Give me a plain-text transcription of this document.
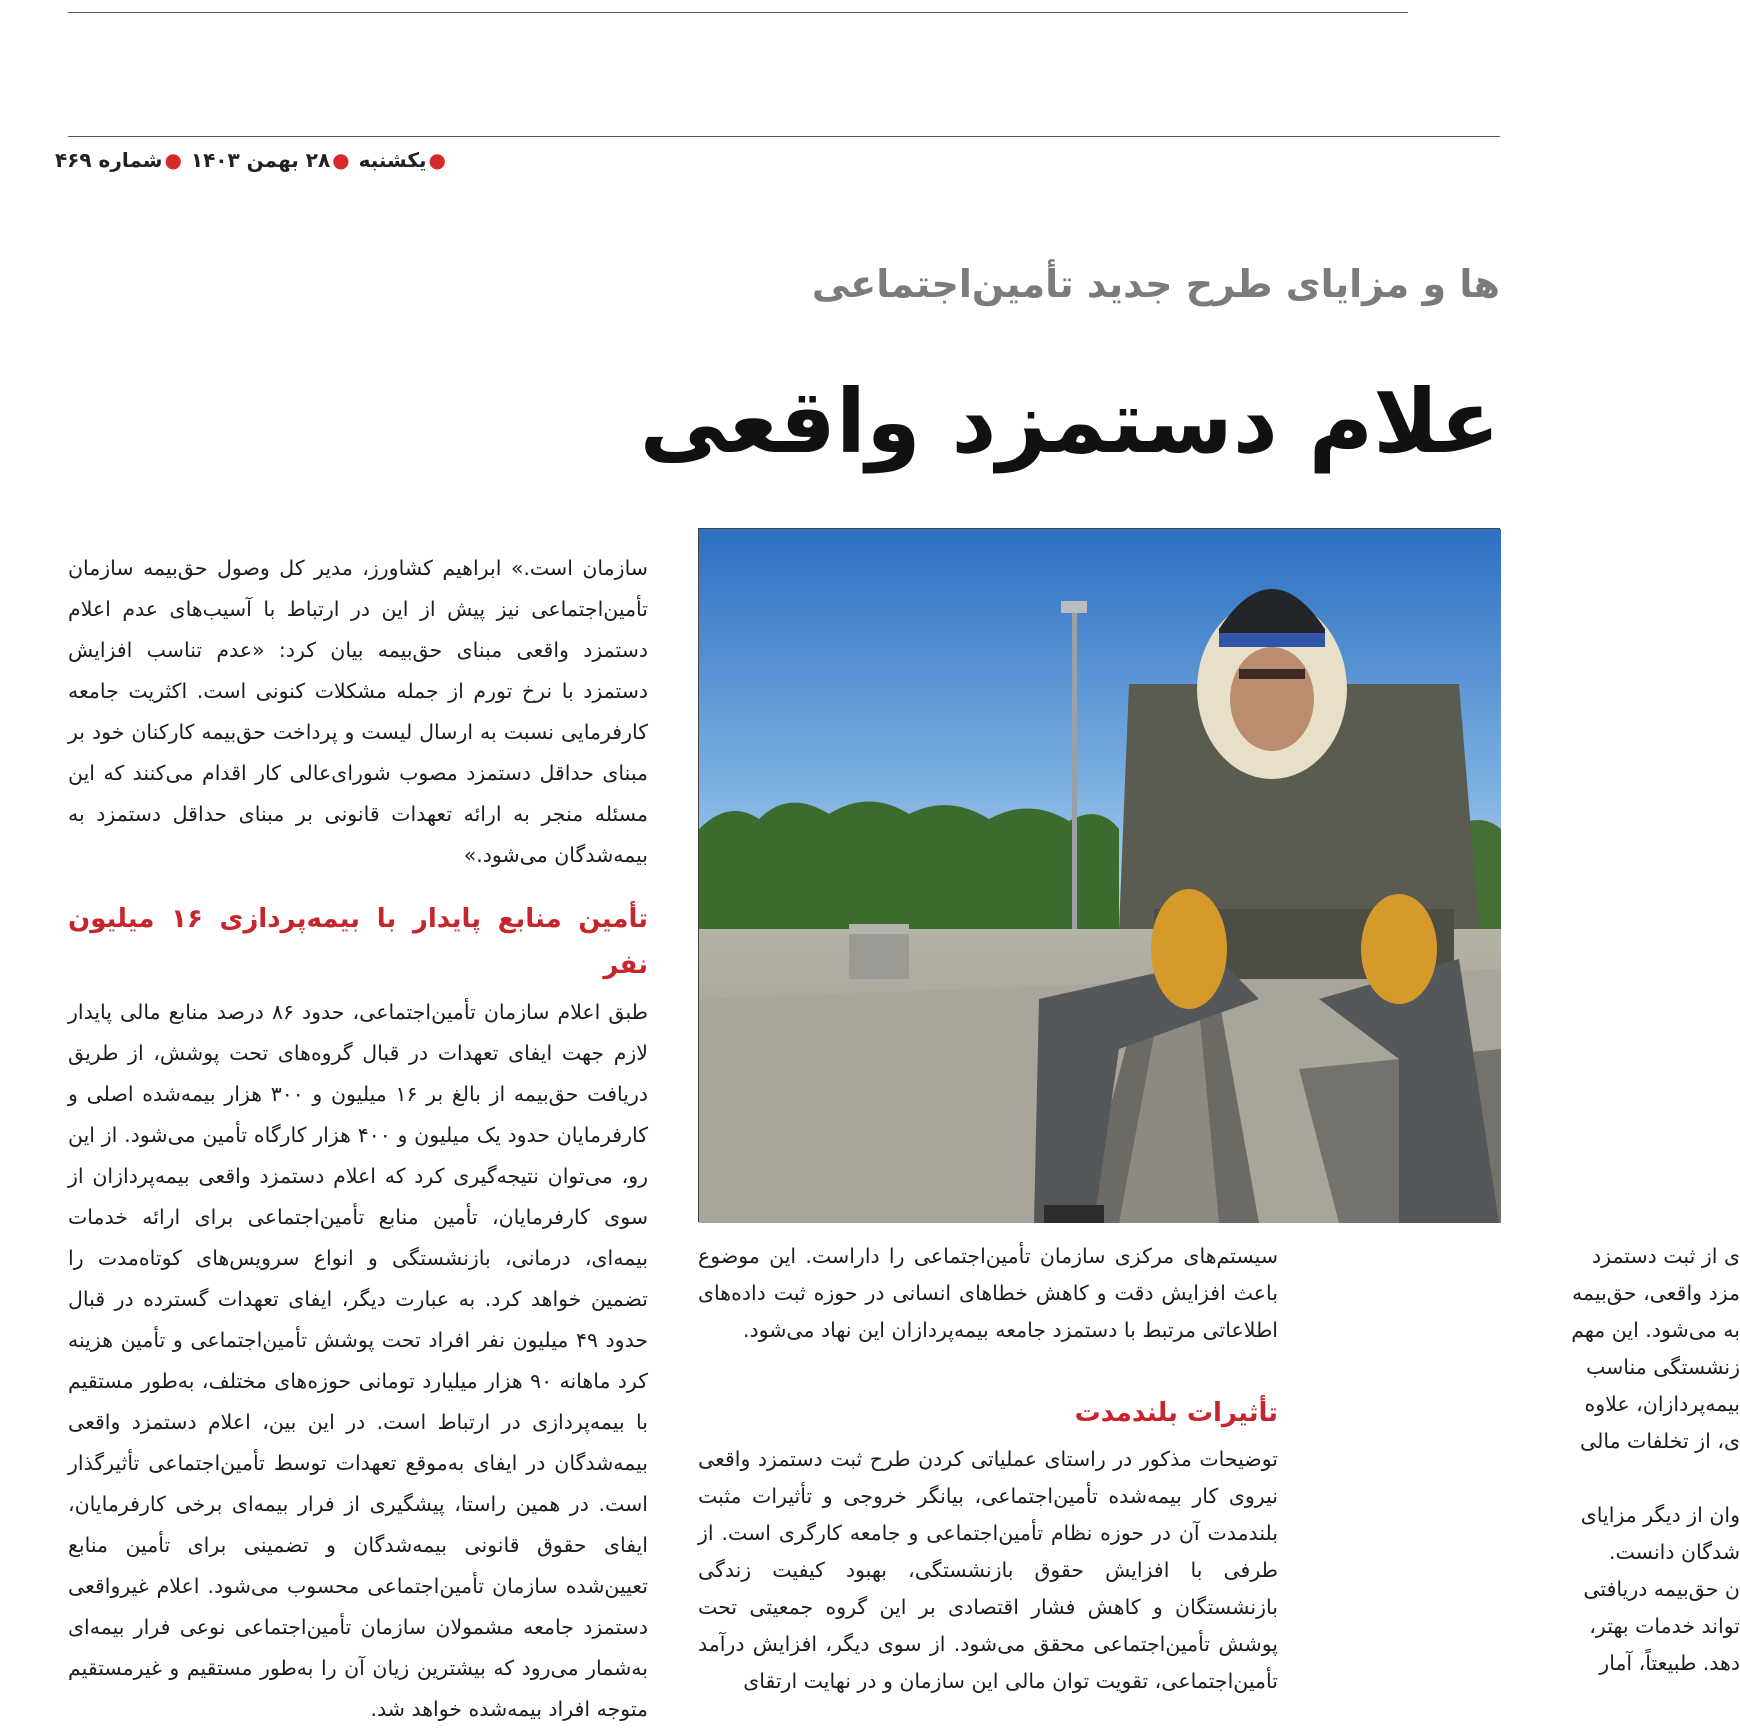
●یکشنبه ●۲۸ بهمن ۱۴۰۳ ●شماره ۴۶۹
ها و مزایای طرح جدید تأمین‌اجتماعی
علام دستمزد واقعی

سازمان است.» ابراهیم کشاورز، مدیر کل وصول حق‌بیمه سازمان تأمین‌اجتماعی نیز پیش از این در ارتباط با آسیب‌های عدم اعلام دستمزد واقعی مبنای حق‌بیمه بیان کرد: «عدم تناسب افزایش دستمزد با نرخ تورم از جمله مشکلات کنونی است. اکثریت جامعه کارفرمایی نسبت به ارسال لیست و پرداخت حق‌بیمه کارکنان خود بر مبنای حداقل دستمزد مصوب شورای‌عالی کار اقدام می‌کنند که این مسئله منجر به ارائه تعهدات قانونی بر مبنای حداقل دستمزد به بیمه‌شدگان می‌شود.»

تأمین منابع پایدار با بیمه‌پردازی ۱۶ میلیون نفر

طبق اعلام سازمان تأمین‌اجتماعی، حدود ۸۶ درصد منابع مالی پایدار لازم جهت ایفای تعهدات در قبال گروه‌های تحت پوشش، از طریق دریافت حق‌بیمه از بالغ بر ۱۶ میلیون و ۳۰۰ هزار بیمه‌شده اصلی و کارفرمایان حدود یک میلیون و ۴۰۰ هزار کارگاه تأمین می‌شود. از این رو، می‌توان نتیجه‌گیری کرد که اعلام دستمزد واقعی بیمه‌پردازان از سوی کارفرمایان، تأمین منابع تأمین‌اجتماعی برای ارائه خدمات بیمه‌ای، درمانی، بازنشستگی و انواع سرویس‌های کوتاه‌مدت را تضمین خواهد کرد. به عبارت دیگر، ایفای تعهدات گسترده در قبال حدود ۴۹ میلیون نفر افراد تحت پوشش تأمین‌اجتماعی و تأمین هزینه کرد ماهانه ۹۰ هزار میلیارد تومانی حوزه‌های مختلف، به‌طور مستقیم با بیمه‌پردازی در ارتباط است. در این بین، اعلام دستمزد واقعی بیمه‌شدگان در ایفای به‌موقع تعهدات توسط تأمین‌اجتماعی تأثیرگذار است. در همین راستا، پیشگیری از فرار بیمه‌ای برخی کارفرمایان، ایفای حقوق قانونی بیمه‌شدگان و تضمینی برای تأمین منابع تعیین‌شده سازمان تأمین‌اجتماعی محسوب می‌شود. اعلام غیرواقعی دستمزد جامعه مشمولان سازمان تأمین‌اجتماعی نوعی فرار بیمه‌ای به‌شمار می‌رود که بیشترین زیان آن را به‌طور مستقیم و غیرمستقیم متوجه افراد بیمه‌شده خواهد شد.

سیستم‌های مرکزی سازمان تأمین‌اجتماعی را داراست. این موضوع باعث افزایش دقت و کاهش خطاهای انسانی در حوزه ثبت داده‌های اطلاعاتی مرتبط با دستمزد جامعه بیمه‌پردازان این نهاد می‌شود.

تأثیرات بلندمدت

توضیحات مذکور در راستای عملیاتی کردن طرح ثبت دستمزد واقعی نیروی کار بیمه‌شده تأمین‌اجتماعی، بیانگر خروجی و تأثیرات مثبت بلندمدت آن در حوزه نظام تأمین‌اجتماعی و جامعه کارگری است. از طرفی با افزایش حقوق بازنشستگی، بهبود کیفیت زندگی بازنشستگان و کاهش فشار اقتصادی بر این گروه جمعیتی تحت پوشش تأمین‌اجتماعی محقق می‌شود. از سوی دیگر، افزایش درآمد تأمین‌اجتماعی، تقویت توان مالی این سازمان و در نهایت ارتقای

ی از ثبت دستمزد
مزد واقعی، حق‌بیمه
به می‌شود. این مهم
زنشستگی مناسب
بیمه‌پردازان، علاوه
ی، از تخلفات مالی

وان از دیگر مزایای
شدگان دانست.
ن حق‌بیمه دریافتی
تواند خدمات بهتر،
دهد. طبیعتاً، آمار
